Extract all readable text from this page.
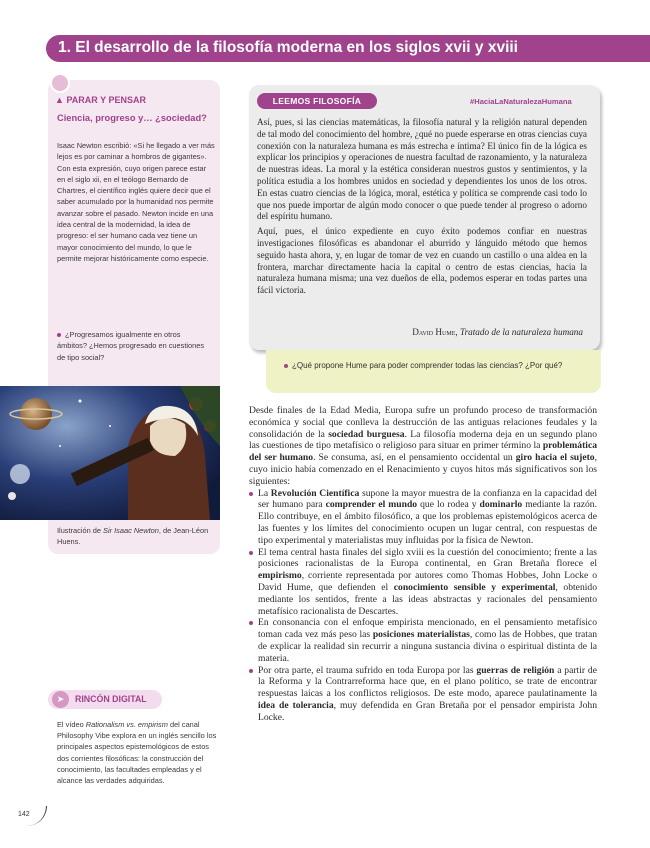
1. El desarrollo de la filosofía moderna en los siglos xvii y xviii
▲ PARAR Y PENSAR
Ciencia, progreso y… ¿sociedad?
Isaac Newton escribió: «Si he llegado a ver más lejos es por caminar a hombros de gigantes». Con esta expresión, cuyo origen parece estar en el siglo xii, en el teólogo Bernardo de Chartres, el científico inglés quiere decir que el saber acumulado por la humanidad nos permite avanzar sobre el pasado. Newton incide en una idea central de la modernidad, la idea de progreso: el ser humano cada vez tiene un mayor conocimiento del mundo, lo que le permite mejorar históricamente como especie.
¿Progresamos igualmente en otros ámbitos? ¿Hemos progresado en cuestiones de tipo social?
Ilustración de Sir Isaac Newton, de Jean-Léon Huens.
➤	RINCÓN DIGITAL
El vídeo Rationalism vs. empirism del canal Philosophy Vibe explora en un inglés sencillo los principales aspectos epistemológicos de estos dos corrientes filosóficas: la construcción del conocimiento, las facultades empleadas y el alcance las verdades adquiridas.
142
LEEMOS FILOSOFÍA	#HaciaLaNaturalezaHumana

Así, pues, si las ciencias matemáticas, la filosofía natural y la religión natural dependen de tal modo del conocimiento del hombre, ¿qué no puede esperarse en otras ciencias cuya conexión con la naturaleza humana es más estrecha e íntima? El único fin de la lógica es explicar los principios y operaciones de nuestra facultad de razonamiento, y la naturaleza de nuestras ideas. La moral y la estética consideran nuestros gustos y sentimientos, y la política estudia a los hombres unidos en sociedad y dependientes los unos de los otros. En estas cuatro ciencias de la lógica, moral, estética y política se comprende casi todo lo que nos puede importar de algún modo conocer o que puede tender al progreso o adorno del espíritu humano.

Aquí, pues, el único expediente en cuyo éxito podemos confiar en nuestras investigaciones filosóficas es abandonar el aburrido y lánguido método que hemos seguido hasta ahora, y, en lugar de tomar de vez en cuando un castillo o una aldea en la frontera, marchar directamente hacia la capital o centro de estas ciencias, hacia la naturaleza humana misma; una vez dueños de ella, podemos esperar en todas partes una fácil victoria.

David Hume, Tratado de la naturaleza humana
¿Qué propone Hume para poder comprender todas las ciencias? ¿Por qué?

Desde finales de la Edad Media, Europa sufre un profundo proceso de transformación económica y social que conlleva la destrucción de las antiguas relaciones feudales y la consolidación de la sociedad burguesa. La filosofía moderna deja en un segundo plano las cuestiones de tipo metafísico o religioso para situar en primer término la problemática del ser humano. Se consuma, así, en el pensamiento occidental un giro hacia el sujeto, cuyo inicio había comenzado en el Renacimiento y cuyos hitos más significativos son los siguientes:

La Revolución Científica supone la mayor muestra de la confianza en la capacidad del ser humano para comprender el mundo que lo rodea y dominarlo mediante la razón. Ello contribuye, en el ámbito filosófico, a que los problemas epistemológicos acerca de las fuentes y los límites del conocimiento ocupen un lugar central, con respuestas de tipo experimental y materialistas muy influidas por la física de Newton.

El tema central hasta finales del siglo xviii es la cuestión del conocimiento; frente a las posiciones racionalistas de la Europa continental, en Gran Bretaña florece el empirismo, corriente representada por autores como Thomas Hobbes, John Locke o David Hume, que defienden el conocimiento sensible y experimental, obtenido mediante los sentidos, frente a las ideas abstractas y racionales del pensamiento metafísico racionalista de Descartes.

En consonancia con el enfoque empirista mencionado, en el pensamiento metafísico toman cada vez más peso las posiciones materialistas, como las de Hobbes, que tratan de explicar la realidad sin recurrir a ninguna sustancia divina o espiritual distinta de la materia.

Por otra parte, el trauma sufrido en toda Europa por las guerras de religión a partir de la Reforma y la Contrarreforma hace que, en el plano político, se trate de encontrar respuestas laicas a los conflictos religiosos. De este modo, aparece paulatinamente la idea de tolerancia, muy defendida en Gran Bretaña por el pensador empirista John Locke.
